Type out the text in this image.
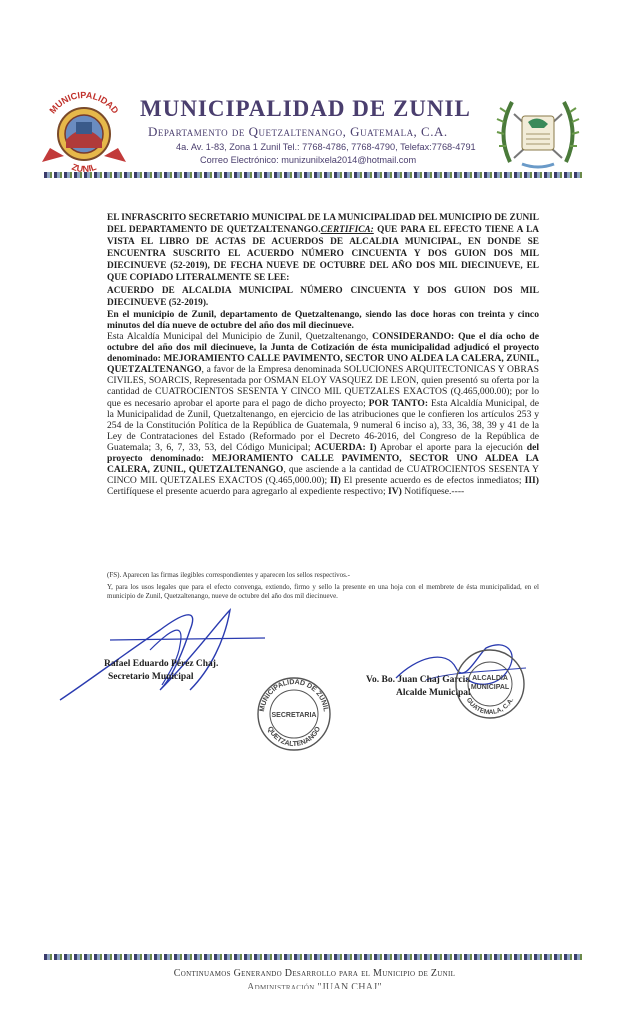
MUNICIPALIDAD
ZUNIL
MUNICIPALIDAD DE ZUNIL
Departamento de Quetzaltenango, Guatemala, C.A.
4a. Av. 1-83, Zona 1 Zunil Tel.: 7768-4786, 7768-4790, Telefax:7768-4791
Correo Electrónico: munizunilxela2014@hotmail.com

EL INFRASCRITO SECRETARIO MUNICIPAL DE LA MUNICIPALIDAD DEL MUNICIPIO DE ZUNIL DEL DEPARTAMENTO DE QUETZALTENANGO.CERTIFICA: QUE PARA EL EFECTO TIENE A LA VISTA EL LIBRO DE ACTAS DE ACUERDOS DE ALCALDIA MUNICIPAL, EN DONDE SE ENCUENTRA SUSCRITO EL ACUERDO NÚMERO CINCUENTA Y DOS GUION DOS MIL DIECINUEVE (52-2019), DE FECHA NUEVE DE OCTUBRE DEL AÑO DOS MIL DIECINUEVE, EL QUE COPIADO LITERALMENTE SE LEE:

ACUERDO DE ALCALDIA MUNICIPAL NÚMERO CINCUENTA Y DOS GUION DOS MIL DIECINUEVE (52-2019).

En el municipio de Zunil, departamento de Quetzaltenango, siendo las doce horas con treinta y cinco minutos del día nueve de octubre del año dos mil diecinueve.

Esta Alcaldía Municipal del Municipio de Zunil, Quetzaltenango, CONSIDERANDO: Que el día ocho de octubre del año dos mil diecinueve, la Junta de Cotización de ésta municipalidad adjudicó el proyecto denominado: MEJORAMIENTO CALLE PAVIMENTO, SECTOR UNO ALDEA LA CALERA, ZUNIL, QUETZALTENANGO, a favor de la Empresa denominada SOLUCIONES ARQUITECTONICAS Y OBRAS CIVILES, SOARCIS, Representada por OSMAN ELOY VASQUEZ DE LEON, quien presentó su oferta por la cantidad de CUATROCIENTOS SESENTA Y CINCO MIL QUETZALES EXACTOS (Q.465,000.00); por lo que es necesario aprobar el aporte para el pago de dicho proyecto; POR TANTO: Esta Alcaldía Municipal, de la Municipalidad de Zunil, Quetzaltenango, en ejercicio de las atribuciones que le confieren los artículos 253 y 254 de la Constitución Política de la República de Guatemala, 9 numeral 6 inciso a), 33, 36, 38, 39 y 41 de la Ley de Contrataciones del Estado (Reformado por el Decreto 46-2016, del Congreso de la República de Guatemala; 3, 6, 7, 33, 53, del Código Municipal; ACUERDA: I) Aprobar el aporte para la ejecución del proyecto denominado: MEJORAMIENTO CALLE PAVIMENTO, SECTOR UNO ALDEA LA CALERA, ZUNIL, QUETZALTENANGO, que asciende a la cantidad de CUATROCIENTOS SESENTA Y CINCO MIL QUETZALES EXACTOS (Q.465,000.00); II) El presente acuerdo es de efectos inmediatos; III) Certifíquese el presente acuerdo para agregarlo al expediente respectivo; IV) Notifíquese.----

(FS). Aparecen las firmas ilegibles correspondientes y aparecen los sellos respectivos.-
Y, para los usos legales que para el efecto convenga, extiendo, firmo y sello la presente en una hoja con el membrete de ésta municipalidad, en el municipio de Zunil, Quetzaltenango, nueve de octubre del año dos mil diecinueve.
Rafael Eduardo Pérez Chaj.
Secretario Municipal
MUNICIPALIDAD DE ZUNIL
QUETZALTENANGO
SECRETARIA
Vo. Bo. Juan Chaj Garcia
Alcalde Municipal
ALCALDIA
MUNICIPAL
GUATEMALA, C.A.
Continuamos Generando Desarrollo para el Municipio de Zunil
Administración "JUAN CHAJ"
